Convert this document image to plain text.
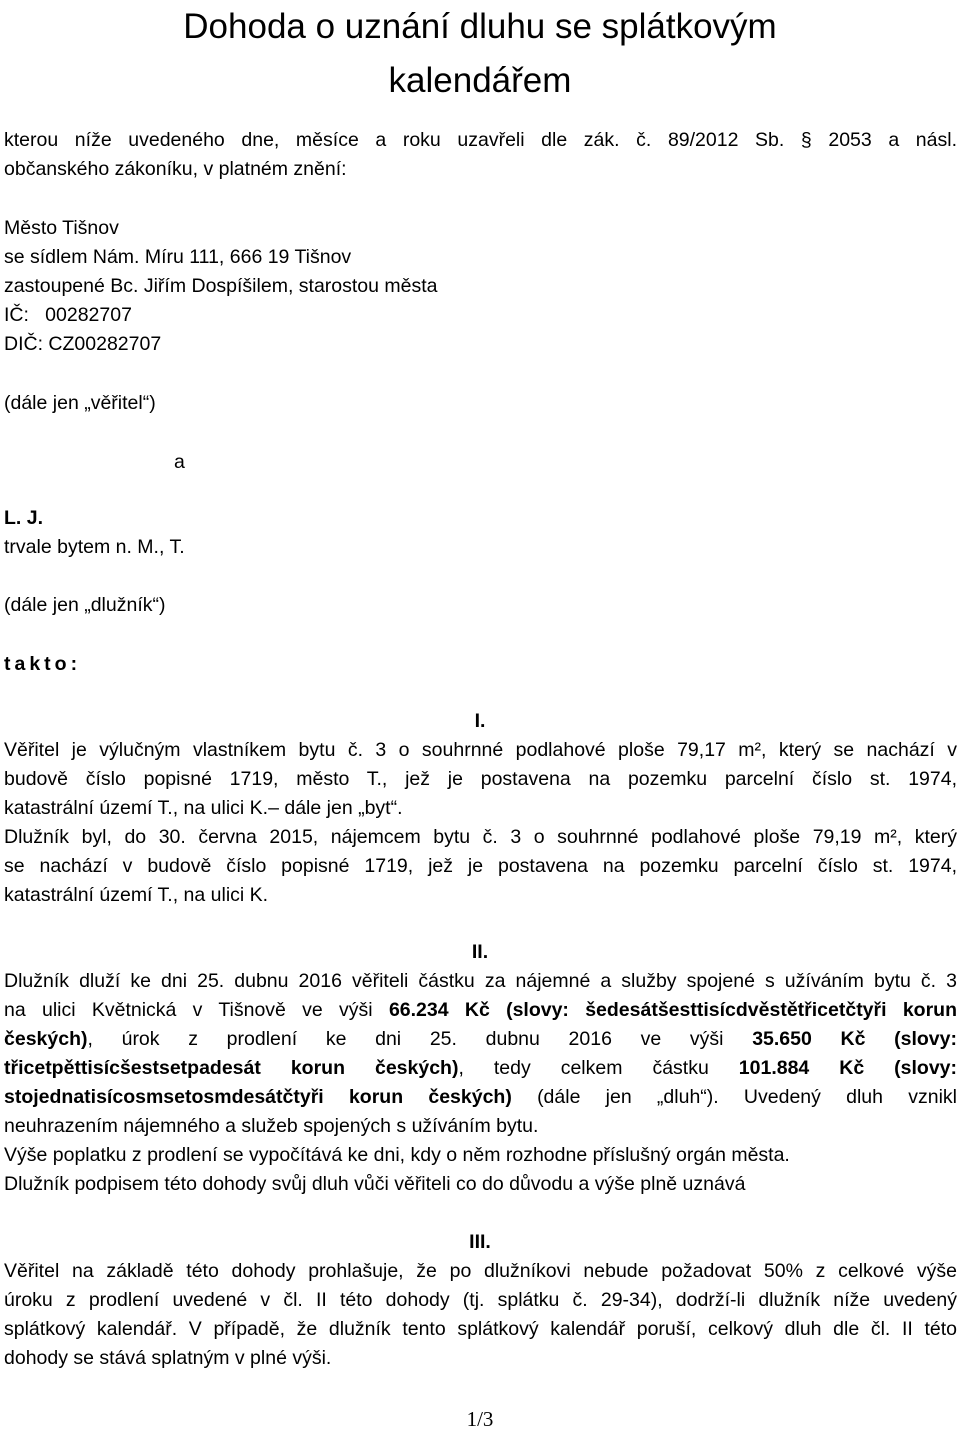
Dohoda o uznání dluhu se splátkovým
kalendářem
kterou níže uvedeného dne, měsíce a roku uzavřeli dle zák. č. 89/2012 Sb. § 2053 a násl.
občanského zákoníku, v platném znění:
Město Tišnov
se sídlem Nám. Míru 111, 666 19 Tišnov
zastoupené Bc. Jiřím Dospíšilem, starostou města
IČ:   00282707
DIČ: CZ00282707
(dále jen „věřitel“)
a
L. J.
trvale bytem n. M., T.
(dále jen „dlužník“)
takto:
I.
Věřitel je výlučným vlastníkem bytu č. 3 o souhrnné podlahové ploše 79,17 m², který se nachází v
budově číslo popisné 1719, město T., jež je postavena na pozemku parcelní číslo st. 1974,
katastrální území T., na ulici K.– dále jen „byt“.
Dlužník byl, do 30. června 2015, nájemcem bytu č. 3 o souhrnné podlahové ploše 79,19 m², který
se nachází v budově číslo popisné 1719, jež je postavena na pozemku parcelní číslo st. 1974,
katastrální území T., na ulici K.
II.
Dlužník dluží ke dni 25. dubnu 2016 věřiteli částku za nájemné a služby spojené s užíváním bytu č. 3
na ulici Květnická v Tišnově ve výši 66.234 Kč (slovy: šedesátšesttisícdvěstětřicetčtyři korun
českých), úrok z prodlení ke dni 25. dubnu 2016 ve výši 35.650 Kč (slovy:
třicetpěttisícšestsetpadesát korun českých), tedy celkem částku 101.884 Kč (slovy:
stojednatisícosmsetosmdesátčtyři korun českých) (dále jen „dluh“). Uvedený dluh vznikl
neuhrazením nájemného a služeb spojených s užíváním bytu.
Výše poplatku z prodlení se vypočítává ke dni, kdy o něm rozhodne příslušný orgán města.
Dlužník podpisem této dohody svůj dluh vůči věřiteli co do důvodu a výše plně uznává
III.
Věřitel na základě této dohody prohlašuje, že po dlužníkovi nebude požadovat 50% z celkové výše
úroku z prodlení uvedené v čl. II této dohody (tj. splátku č. 29-34), dodrží-li dlužník níže uvedený
splátkový kalendář. V případě, že dlužník tento splátkový kalendář poruší, celkový dluh dle čl. II této
dohody se stává splatným v plné výši.
1/3
